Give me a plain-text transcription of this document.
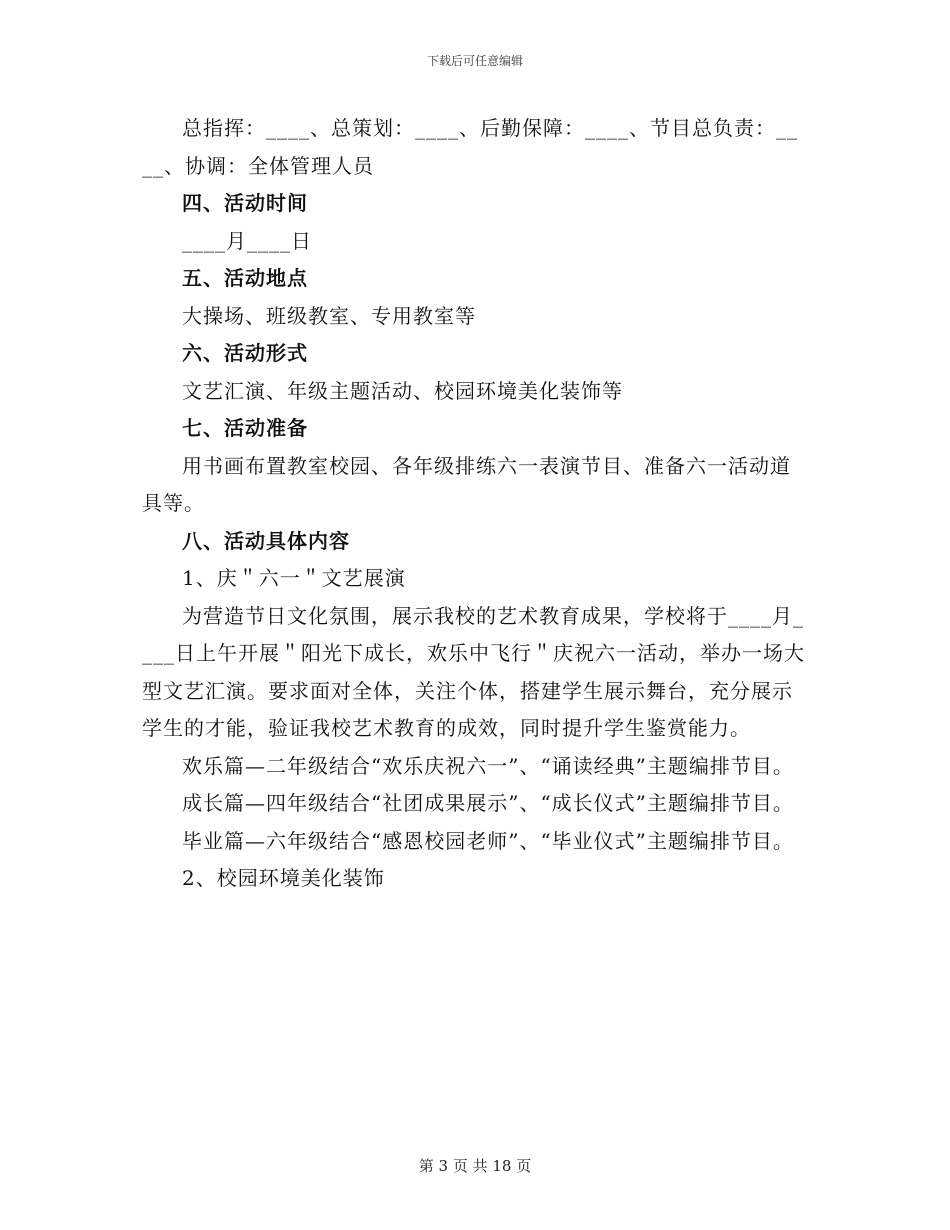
下载后可任意编辑

总指挥：____、总策划：____、后勤保障：____、节目总负责：____、协调：全体管理人员

四、活动时间

____月____日

五、活动地点

大操场、班级教室、专用教室等

六、活动形式

文艺汇演、年级主题活动、校园环境美化装饰等

七、活动准备

用书画布置教室校园、各年级排练六一表演节目、准备六一活动道具等。

八、活动具体内容

1、庆＂六一＂文艺展演

为营造节日文化氛围，展示我校的艺术教育成果，学校将于____月____日上午开展＂阳光下成长，欢乐中飞行＂庆祝六一活动，举办一场大型文艺汇演。要求面对全体，关注个体，搭建学生展示舞台，充分展示学生的才能，验证我校艺术教育的成效，同时提升学生鉴赏能力。

欢乐篇—二年级结合“欢乐庆祝六一”、“诵读经典”主题编排节目。

成长篇—四年级结合“社团成果展示”、“成长仪式”主题编排节目。

毕业篇—六年级结合“感恩校园老师”、“毕业仪式”主题编排节目。

2、校园环境美化装饰

第 3 页 共 18 页
